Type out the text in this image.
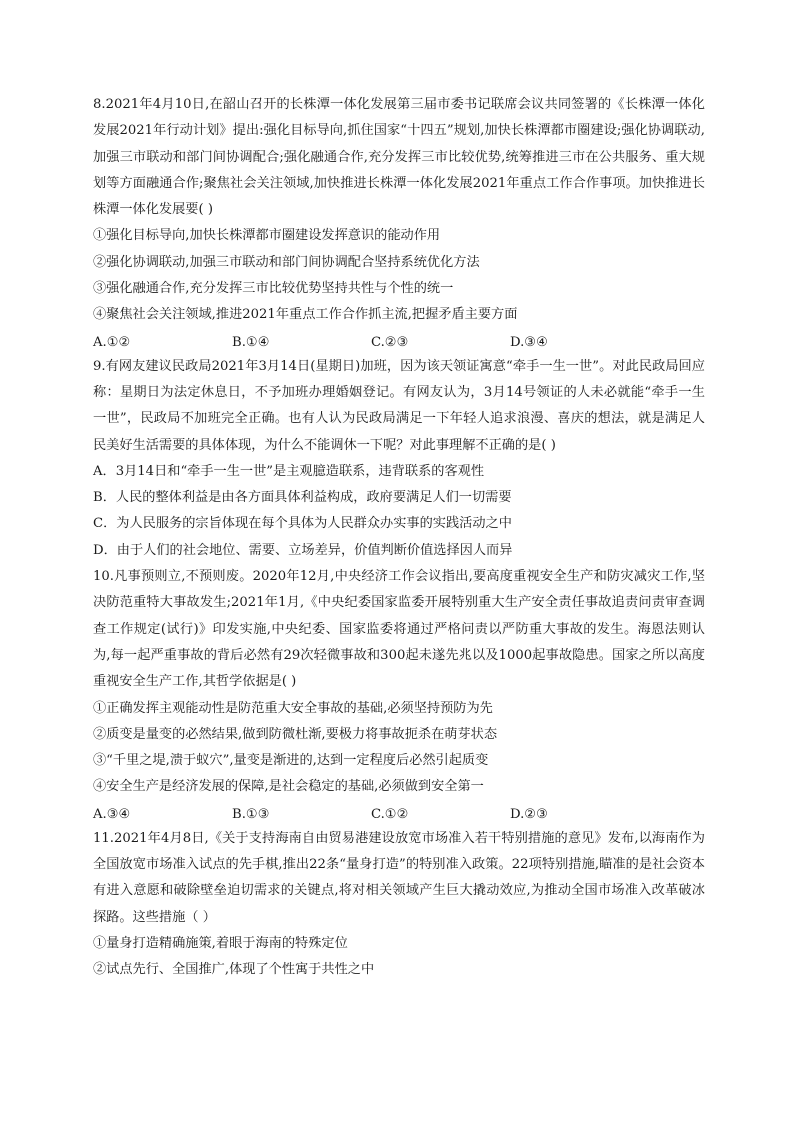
8.2021年4月10日,在韶山召开的长株潭一体化发展第三届市委书记联席会议共同签署的《长株潭一体化发展2021年行动计划》提出:强化目标导向,抓住国家“十四五”规划,加快长株潭都市圈建设;强化协调联动,加强三市联动和部门间协调配合;强化融通合作,充分发挥三市比较优势,统筹推进三市在公共服务、重大规划等方面融通合作;聚焦社会关注领域,加快推进长株潭一体化发展2021年重点工作合作事项。加快推进长株潭一体化发展要( )

①强化目标导向,加快长株潭都市圈建设发挥意识的能动作用

②强化协调联动,加强三市联动和部门间协调配合坚持系统优化方法

③强化融通合作,充分发挥三市比较优势坚持共性与个性的统一

④聚焦社会关注领域,推进2021年重点工作合作抓主流,把握矛盾主要方面

A.①②	B.①④	C.②③	D.③④

9.有网友建议民政局2021年3月14日(星期日)加班，因为该天领证寓意“牵手一生一世”。对此民政局回应称：星期日为法定休息日，不予加班办理婚姻登记。有网友认为，3月14号领证的人未必就能“牵手一生一世”，民政局不加班完全正确。也有人认为民政局满足一下年轻人追求浪漫、喜庆的想法，就是满足人民美好生活需要的具体体现，为什么不能调休一下呢？对此事理解不正确的是( )

A．3月14日和“牵手一生一世”是主观臆造联系，违背联系的客观性

B．人民的整体利益是由各方面具体利益构成，政府要满足人们一切需要

C．为人民服务的宗旨体现在每个具体为人民群众办实事的实践活动之中

D．由于人们的社会地位、需要、立场差异，价值判断价值选择因人而异

10.凡事预则立,不预则废。2020年12月,中央经济工作会议指出,要高度重视安全生产和防灾减灾工作,坚决防范重特大事故发生;2021年1月,《中央纪委国家监委开展特别重大生产安全责任事故追责问责审查调查工作规定(试行)》印发实施,中央纪委、国家监委将通过严格问责以严防重大事故的发生。海恩法则认为,每一起严重事故的背后必然有29次轻微事故和300起未遂先兆以及1000起事故隐患。国家之所以高度重视安全生产工作,其哲学依据是( )

①正确发挥主观能动性是防范重大安全事故的基础,必须坚持预防为先

②质变是量变的必然结果,做到防微杜渐,要极力将事故扼杀在萌芽状态

③“千里之堤,溃于蚁穴”,量变是渐进的,达到一定程度后必然引起质变

④安全生产是经济发展的保障,是社会稳定的基础,必须做到安全第一

A.③④	B.①③	C.①②	D.②③

11.2021年4月8日,《关于支持海南自由贸易港建设放宽市场准入若干特别措施的意见》发布,以海南作为全国放宽市场准入试点的先手棋,推出22条“量身打造”的特别准入政策。22项特别措施,瞄准的是社会资本有进入意愿和破除壁垒迫切需求的关键点,将对相关领域产生巨大撬动效应,为推动全国市场准入改革破冰探路。这些措施（ ）

①量身打造精确施策,着眼于海南的特殊定位

②试点先行、全国推广,体现了个性寓于共性之中
